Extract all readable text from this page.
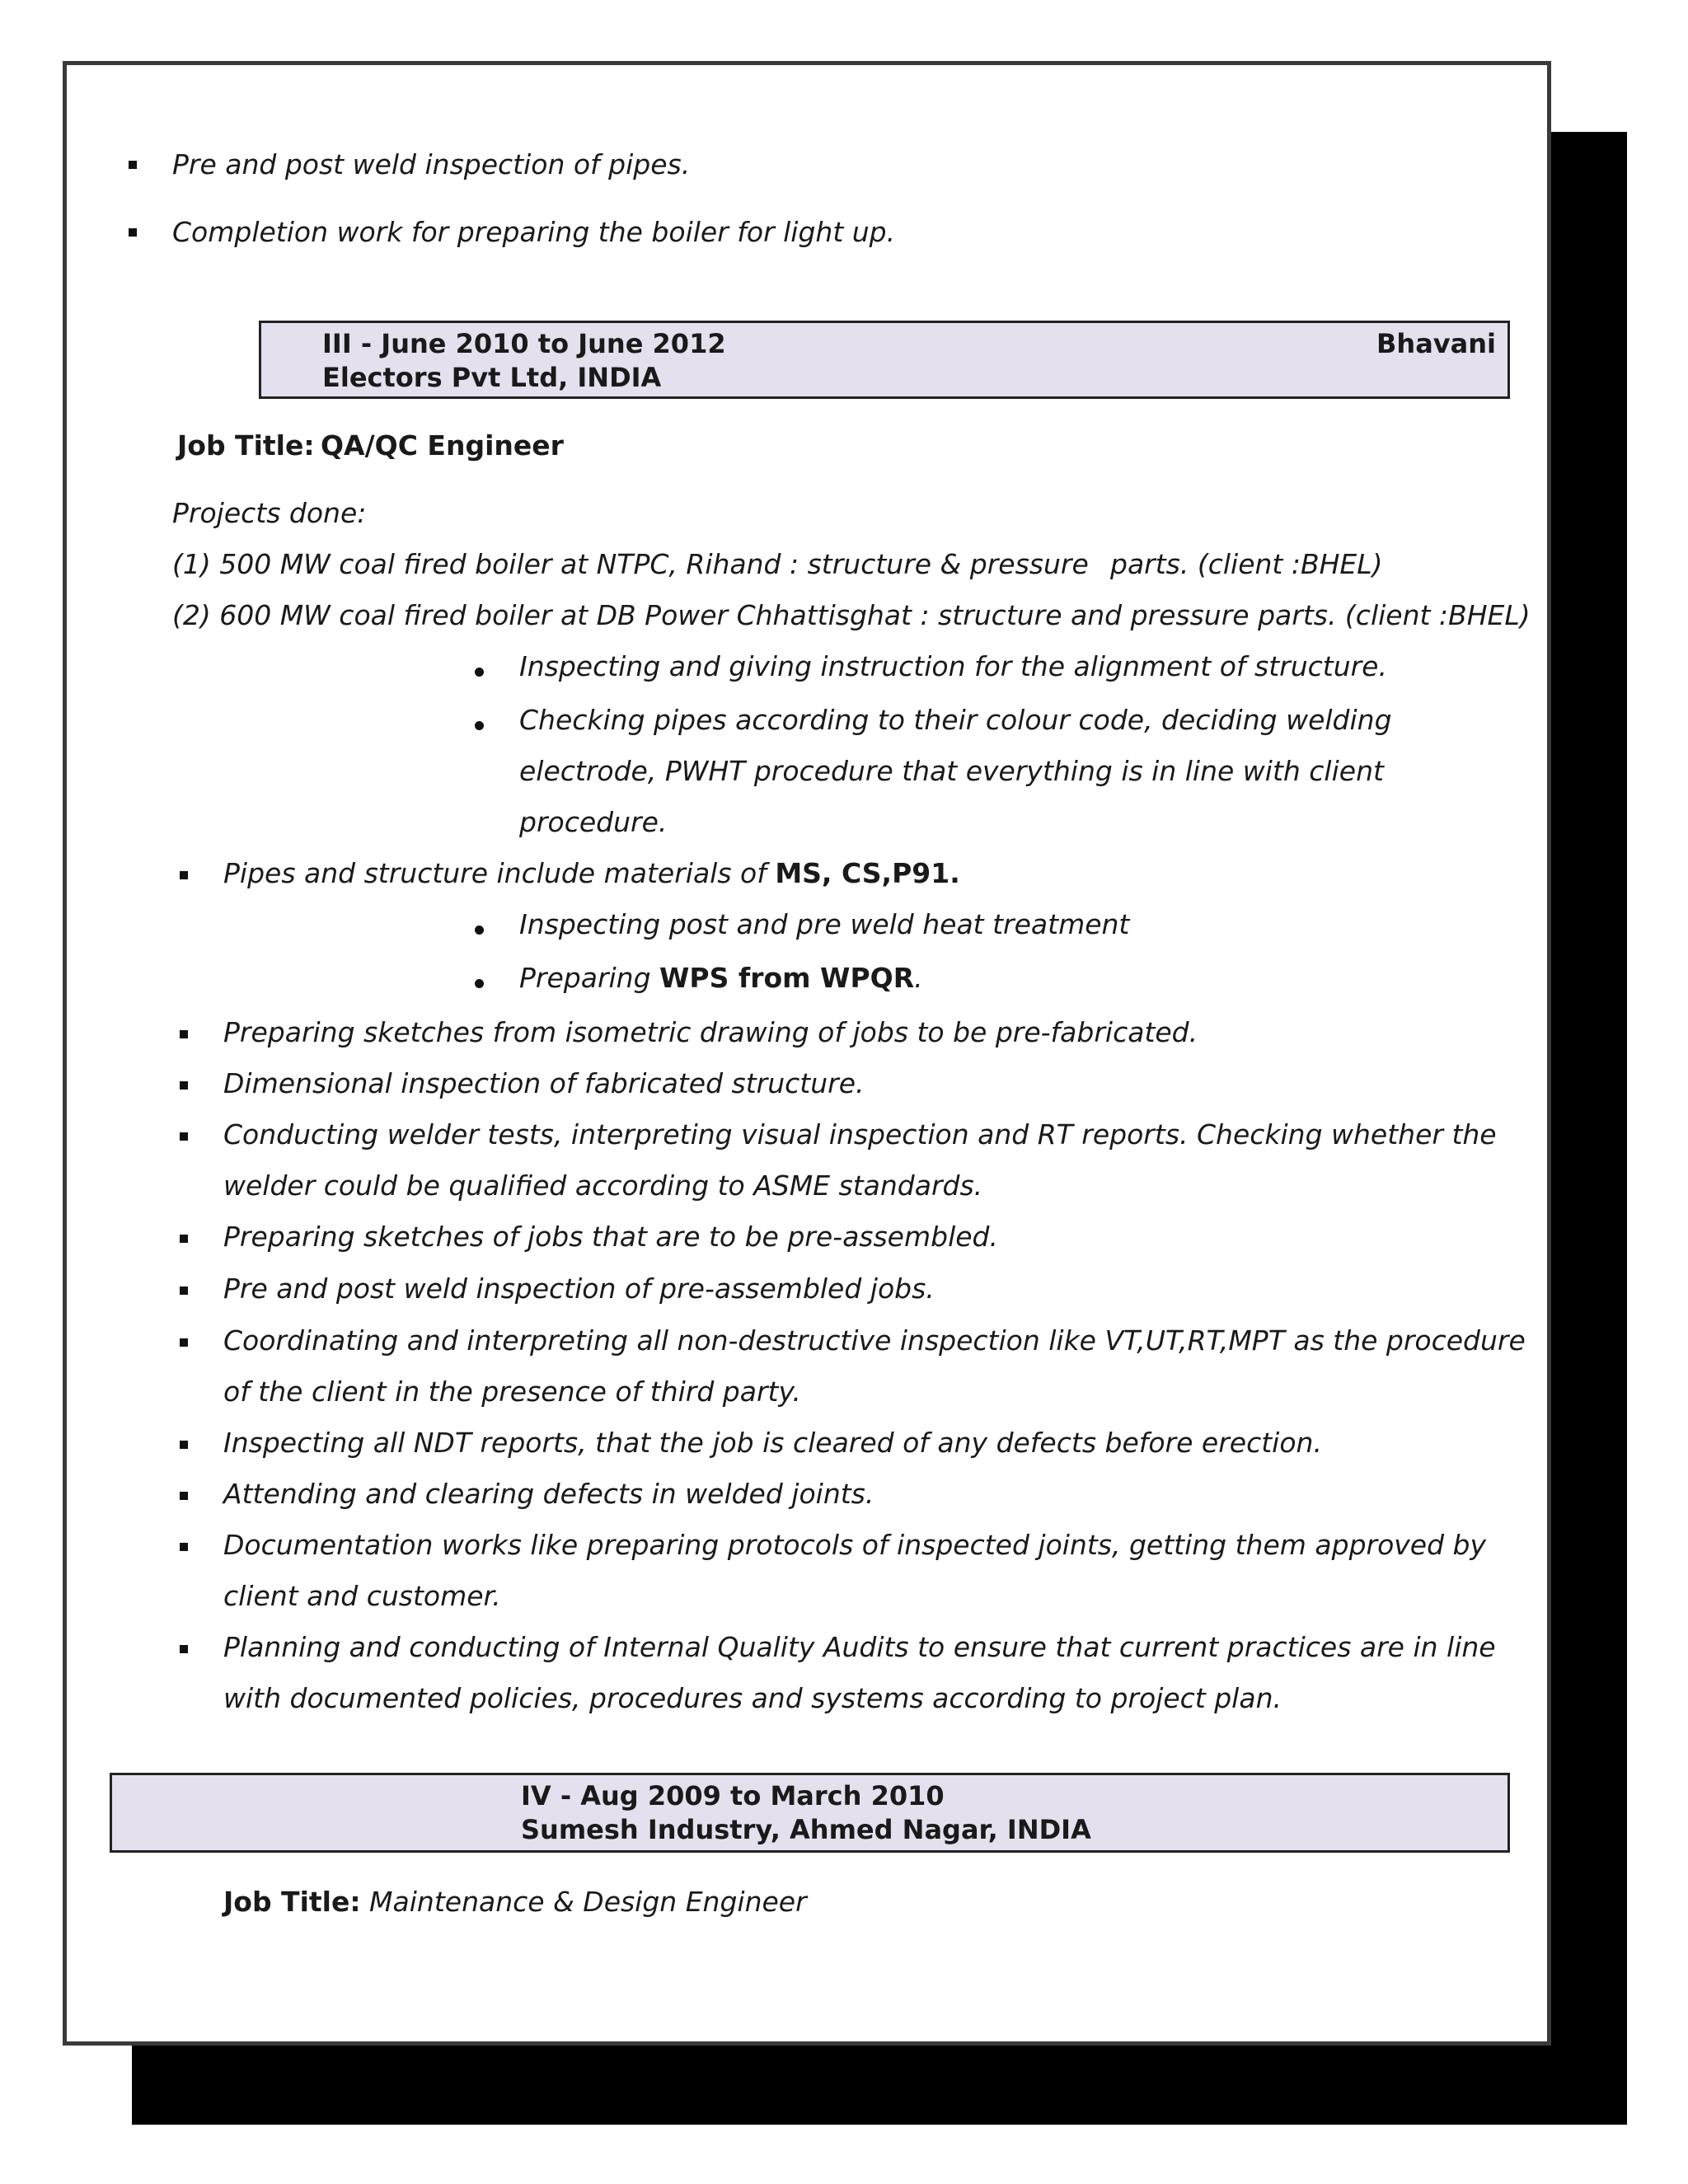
Pre and post weld inspection of pipes.
Completion work for preparing the boiler for light up.
III - June 2010 to June 2012	Bhavani
Electors Pvt Ltd, INDIA
Job Title: QA/QC Engineer
Projects done:
(1) 500 MW coal fired boiler at NTPC, Rihand : structure & pressure parts. (client :BHEL)
(2) 600 MW coal fired boiler at DB Power Chhattisghat : structure and pressure parts. (client :BHEL)
Inspecting and giving instruction for the alignment of structure.
Checking pipes according to their colour code, deciding welding
electrode, PWHT procedure that everything is in line with client
procedure.
Pipes and structure include materials of MS, CS,P91.
Inspecting post and pre weld heat treatment
Preparing WPS from WPQR.
Preparing sketches from isometric drawing of jobs to be pre-fabricated.
Dimensional inspection of fabricated structure.
Conducting welder tests, interpreting visual inspection and RT reports. Checking whether the
welder could be qualified according to ASME standards.
Preparing sketches of jobs that are to be pre-assembled.
Pre and post weld inspection of pre-assembled jobs.
Coordinating and interpreting all non-destructive inspection like VT,UT,RT,MPT as the procedure
of the client in the presence of third party.
Inspecting all NDT reports, that the job is cleared of any defects before erection.
Attending and clearing defects in welded joints.
Documentation works like preparing protocols of inspected joints, getting them approved by
client and customer.
Planning and conducting of Internal Quality Audits to ensure that current practices are in line
with documented policies, procedures and systems according to project plan.
IV - Aug 2009 to March 2010
Sumesh Industry, Ahmed Nagar, INDIA
Job Title: Maintenance & Design Engineer
